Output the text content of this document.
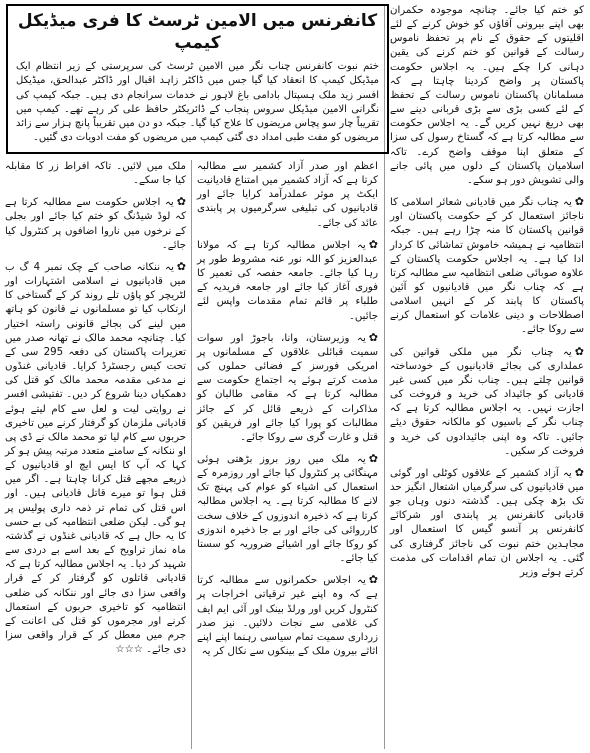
کو ختم کیا جائے۔ چنانچہ موجودہ حکمران بھی اپنے بیرونی آقاؤں کو خوش کرنے کے لئے اقلیتوں کے حقوق کے نام پر تحفظ ناموس رسالت کے قوانین کو ختم کرنے کی یقین دہانی کرا چکے ہیں۔ یہ اجلاس حکومت پاکستان پر واضح کردینا چاہتا ہے کہ مسلمانان پاکستان ناموس رسالت کے تحفظ کے لئے کسی بڑی سے بڑی قربانی دینے سے بھی دریغ نہیں کریں گے۔ یہ اجلاس حکومت سے مطالبہ کرتا ہے کہ گستاخ رسول کی سزا کے متعلق اپنا موقف واضح کرے۔ تاکہ اسلامیان پاکستان کے دلوں میں پائی جانے والی تشویش دور ہو سکے۔

✿یہ چناب نگر میں قادیانی شعائر اسلامی کا ناجائز استعمال کر کے حکومت پاکستان اور قوانین پاکستان کا منہ چڑا رہے ہیں۔ جبکہ انتظامیہ نے ہمیشہ خاموش تماشائی کا کردار ادا کیا ہے۔ یہ اجلاس حکومت پاکستان کے علاوہ صوبائی ضلعی انتظامیہ سے مطالبہ کرتا ہے کہ چناب نگر میں قادیانیوں کو آئین پاکستان کا پابند کر کے انہیں اسلامی اصطلاحات و دینی علامات کو استعمال کرنے سے روکا جائے۔

✿یہ چناب نگر میں ملکی قوانین کی عملداری کی بجائے قادیانیوں کے خودساختہ قوانین چلتے ہیں۔ چناب نگر میں کسی غیر قادیانی کو جائیداد کی خرید و فروخت کی اجازت نہیں۔ یہ اجلاس مطالبہ کرتا ہے کہ چناب نگر کے باسیوں کو مالکانہ حقوق دیئے جائیں۔ تاکہ وہ اپنی جائیدادوں کی خرید و فروخت کر سکیں۔

✿یہ آزاد کشمیر کے علاقوں کوٹلی اور گوئی میں قادیانیوں کی سرگرمیاں اشتعال انگیز حد تک بڑھ چکی ہیں۔ گذشتہ دنوں وہاں جو قادیانی کانفرنس پر پابندی اور شرکائے کانفرنس پر آنسو گیس کا استعمال اور مجاہدین ختم نبوت کی ناجائز گرفتاری کی گئی۔ یہ اجلاس ان تمام اقدامات کی مذمت کرتے ہوئے وزیر

کانفرنس میں الامین ٹرسٹ کا فری میڈیکل کیمپ
ختم نبوت کانفرنس چناب نگر میں الامین ٹرسٹ کی سرپرستی کے زیر انتظام ایک میڈیکل کیمپ کا انعقاد کیا گیا جس میں ڈاکٹر زاہد اقبال اور ڈاکٹر عبدالحق، میڈیکل افسر زید ملک ہسپتال بادامی باغ لاہور نے خدمات سرانجام دی ہیں۔ جبکہ کیمپ کی نگرانی الامین میڈیکل سروس پنجاب کے ڈائریکٹر حافظ علی کر رہے تھے۔ کیمپ میں تقریباً چار سو پچاس مریضوں کا علاج کیا گیا۔ جبکہ دو دن میں تقریباً پانچ ہزار سے زائد مریضوں کو مفت طبی امداد دی گئی کیمپ میں مریضوں کو مفت ادویات دی گئیں۔

اعظم اور صدر آزاد کشمیر سے مطالبہ کرتا ہے کہ آزاد کشمیر میں امتناع قادیانیت ایکٹ پر موثر عملدرآمد کرایا جائے اور قادیانیوں کی تبلیغی سرگرمیوں پر پابندی عائد کی جائے۔

✿یہ اجلاس مطالبہ کرتا ہے کہ مولانا عبدالعزیز کو اللہ نور عنہ مشروط طور پر رہا کیا جائے۔ جامعہ حفصہ کی تعمیر کا فوری آغاز کیا جائے اور جامعہ فریدیہ کے طلباء پر قائم تمام مقدمات واپس لئے جائیں۔

✿یہ وزیرستان، وانا، باجوڑ اور سوات سمیت قبائلی علاقوں کے مسلمانوں پر امریکی فورسز کے فضائی حملوں کی مذمت کرتے ہوئے یہ اجتماع حکومت سے مطالبہ کرتا ہے کہ مقامی طالبان کو مذاکرات کے ذریعے قائل کر کے جائز مطالبات کو پورا کیا جائے اور فریقین کو قتل و غارت گری سے روکا جائے۔

✿یہ ملک میں روز بروز بڑھتی ہوئی مہنگائی پر کنٹرول کیا جائے اور روزمرہ کے استعمال کی اشیاء کو عوام کی پہنچ تک لانے کا مطالبہ کرتا ہے۔ یہ اجلاس مطالبہ کرتا ہے کہ ذخیرہ اندوزوں کے خلاف سخت کارروائی کی جائے اور بے جا ذخیرہ اندوزی کو روکا جائے اور اشیائے ضروریہ کو سستا کیا جائے۔

✿یہ اجلاس حکمرانوں سے مطالبہ کرتا ہے کہ وہ اپنے غیر ترقیاتی اخراجات پر کنٹرول کریں اور ورلڈ بینک اور آئی ایم ایف کی غلامی سے نجات دلائیں۔ نیز صدر زرداری سمیت تمام سیاسی رہنما اپنے اپنے اثاثے بیرون ملک کے بینکوں سے نکال کر یہ

ملک میں لائیں۔ تاکہ افراط زر کا مقابلہ کیا جا سکے۔

✿یہ اجلاس حکومت سے مطالبہ کرتا ہے کہ لوڈ شیڈنگ کو ختم کیا جائے اور بجلی کے نرخوں میں ناروا اضافوں پر کنٹرول کیا جائے۔

✿یہ ننکانہ صاحب کے چک نمبر 4 گ ب میں قادیانیوں نے اسلامی اشتہارات اور لٹریچر کو پاؤں تلے روند کر کے گستاخی کا ارتکاب کیا تو مسلمانوں نے قانون کو ہاتھ میں لینے کی بجائے قانونی راستہ اختیار کیا۔ چنانچہ محمد مالک نے تھانہ صدر میں تعزیرات پاکستان کی دفعہ 295 سی کے تحت کیس رجسٹرڈ کرایا۔ قادیانی غنڈوں نے مدعی مقدمہ محمد مالک کو قتل کی دھمکیاں دینا شروع کر دیں۔ تفتیشی افسر نے روایتی لیت و لعل سے کام لیتے ہوئے قادیانی ملزمان کو گرفتار کرنے میں تاخیری حربوں سے کام لیا تو محمد مالک نے ڈی پی او ننکانہ کے سامنے متعدد مرتبہ پیش ہو کر کہا کہ آپ کا ایس ایچ او قادیانیوں کے ذریعے مجھے قتل کرانا چاہتا ہے۔ اگر میں قتل ہوا تو میرے قاتل قادیانی ہیں۔ اور اس قتل کی تمام تر ذمہ داری پولیس پر ہو گی۔ لیکن ضلعی انتظامیہ کی بے حسی کا یہ حال ہے کہ قادیانی غنڈوں نے گذشتہ ماہ نماز تراویح کے بعد اسے بے دردی سے شہید کر دیا۔ یہ اجلاس مطالبہ کرتا ہے کہ قادیانی قاتلوں کو گرفتار کر کے قرار واقعی سزا دی جائے اور ننکانہ کی ضلعی انتظامیہ کو تاخیری حربوں کے استعمال کرنے اور مجرموں کو قتل کی اعانت کے جرم میں معطل کر کے قرار واقعی سزا دی جائے۔ ☆☆☆
